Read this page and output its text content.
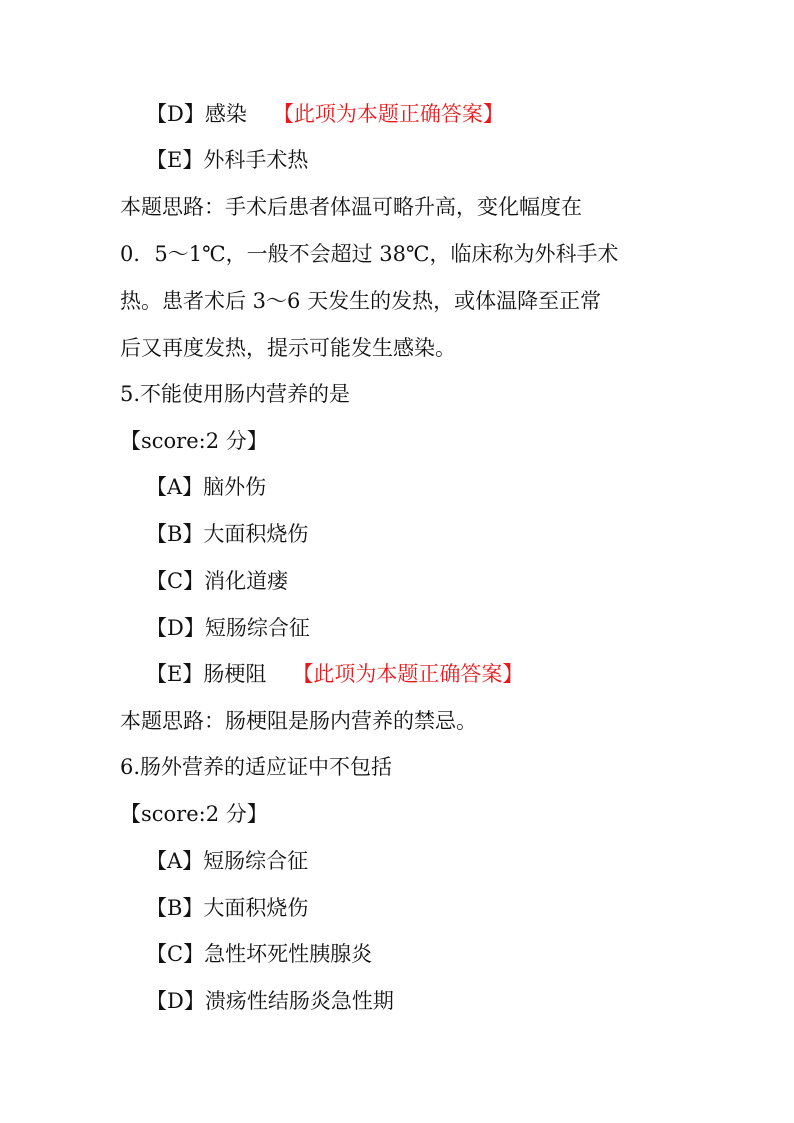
【D】感染 【此项为本题正确答案】
【E】外科手术热
本题思路：手术后患者体温可略升高，变化幅度在
0．5～1℃，一般不会超过 38℃，临床称为外科手术
热。患者术后 3～6 天发生的发热，或体温降至正常
后又再度发热，提示可能发生感染。
5.不能使用肠内营养的是
【score:2 分】
【A】脑外伤
【B】大面积烧伤
【C】消化道瘘
【D】短肠综合征
【E】肠梗阻 【此项为本题正确答案】
本题思路：肠梗阻是肠内营养的禁忌。
6.肠外营养的适应证中不包括
【score:2 分】
【A】短肠综合征
【B】大面积烧伤
【C】急性坏死性胰腺炎
【D】溃疡性结肠炎急性期
